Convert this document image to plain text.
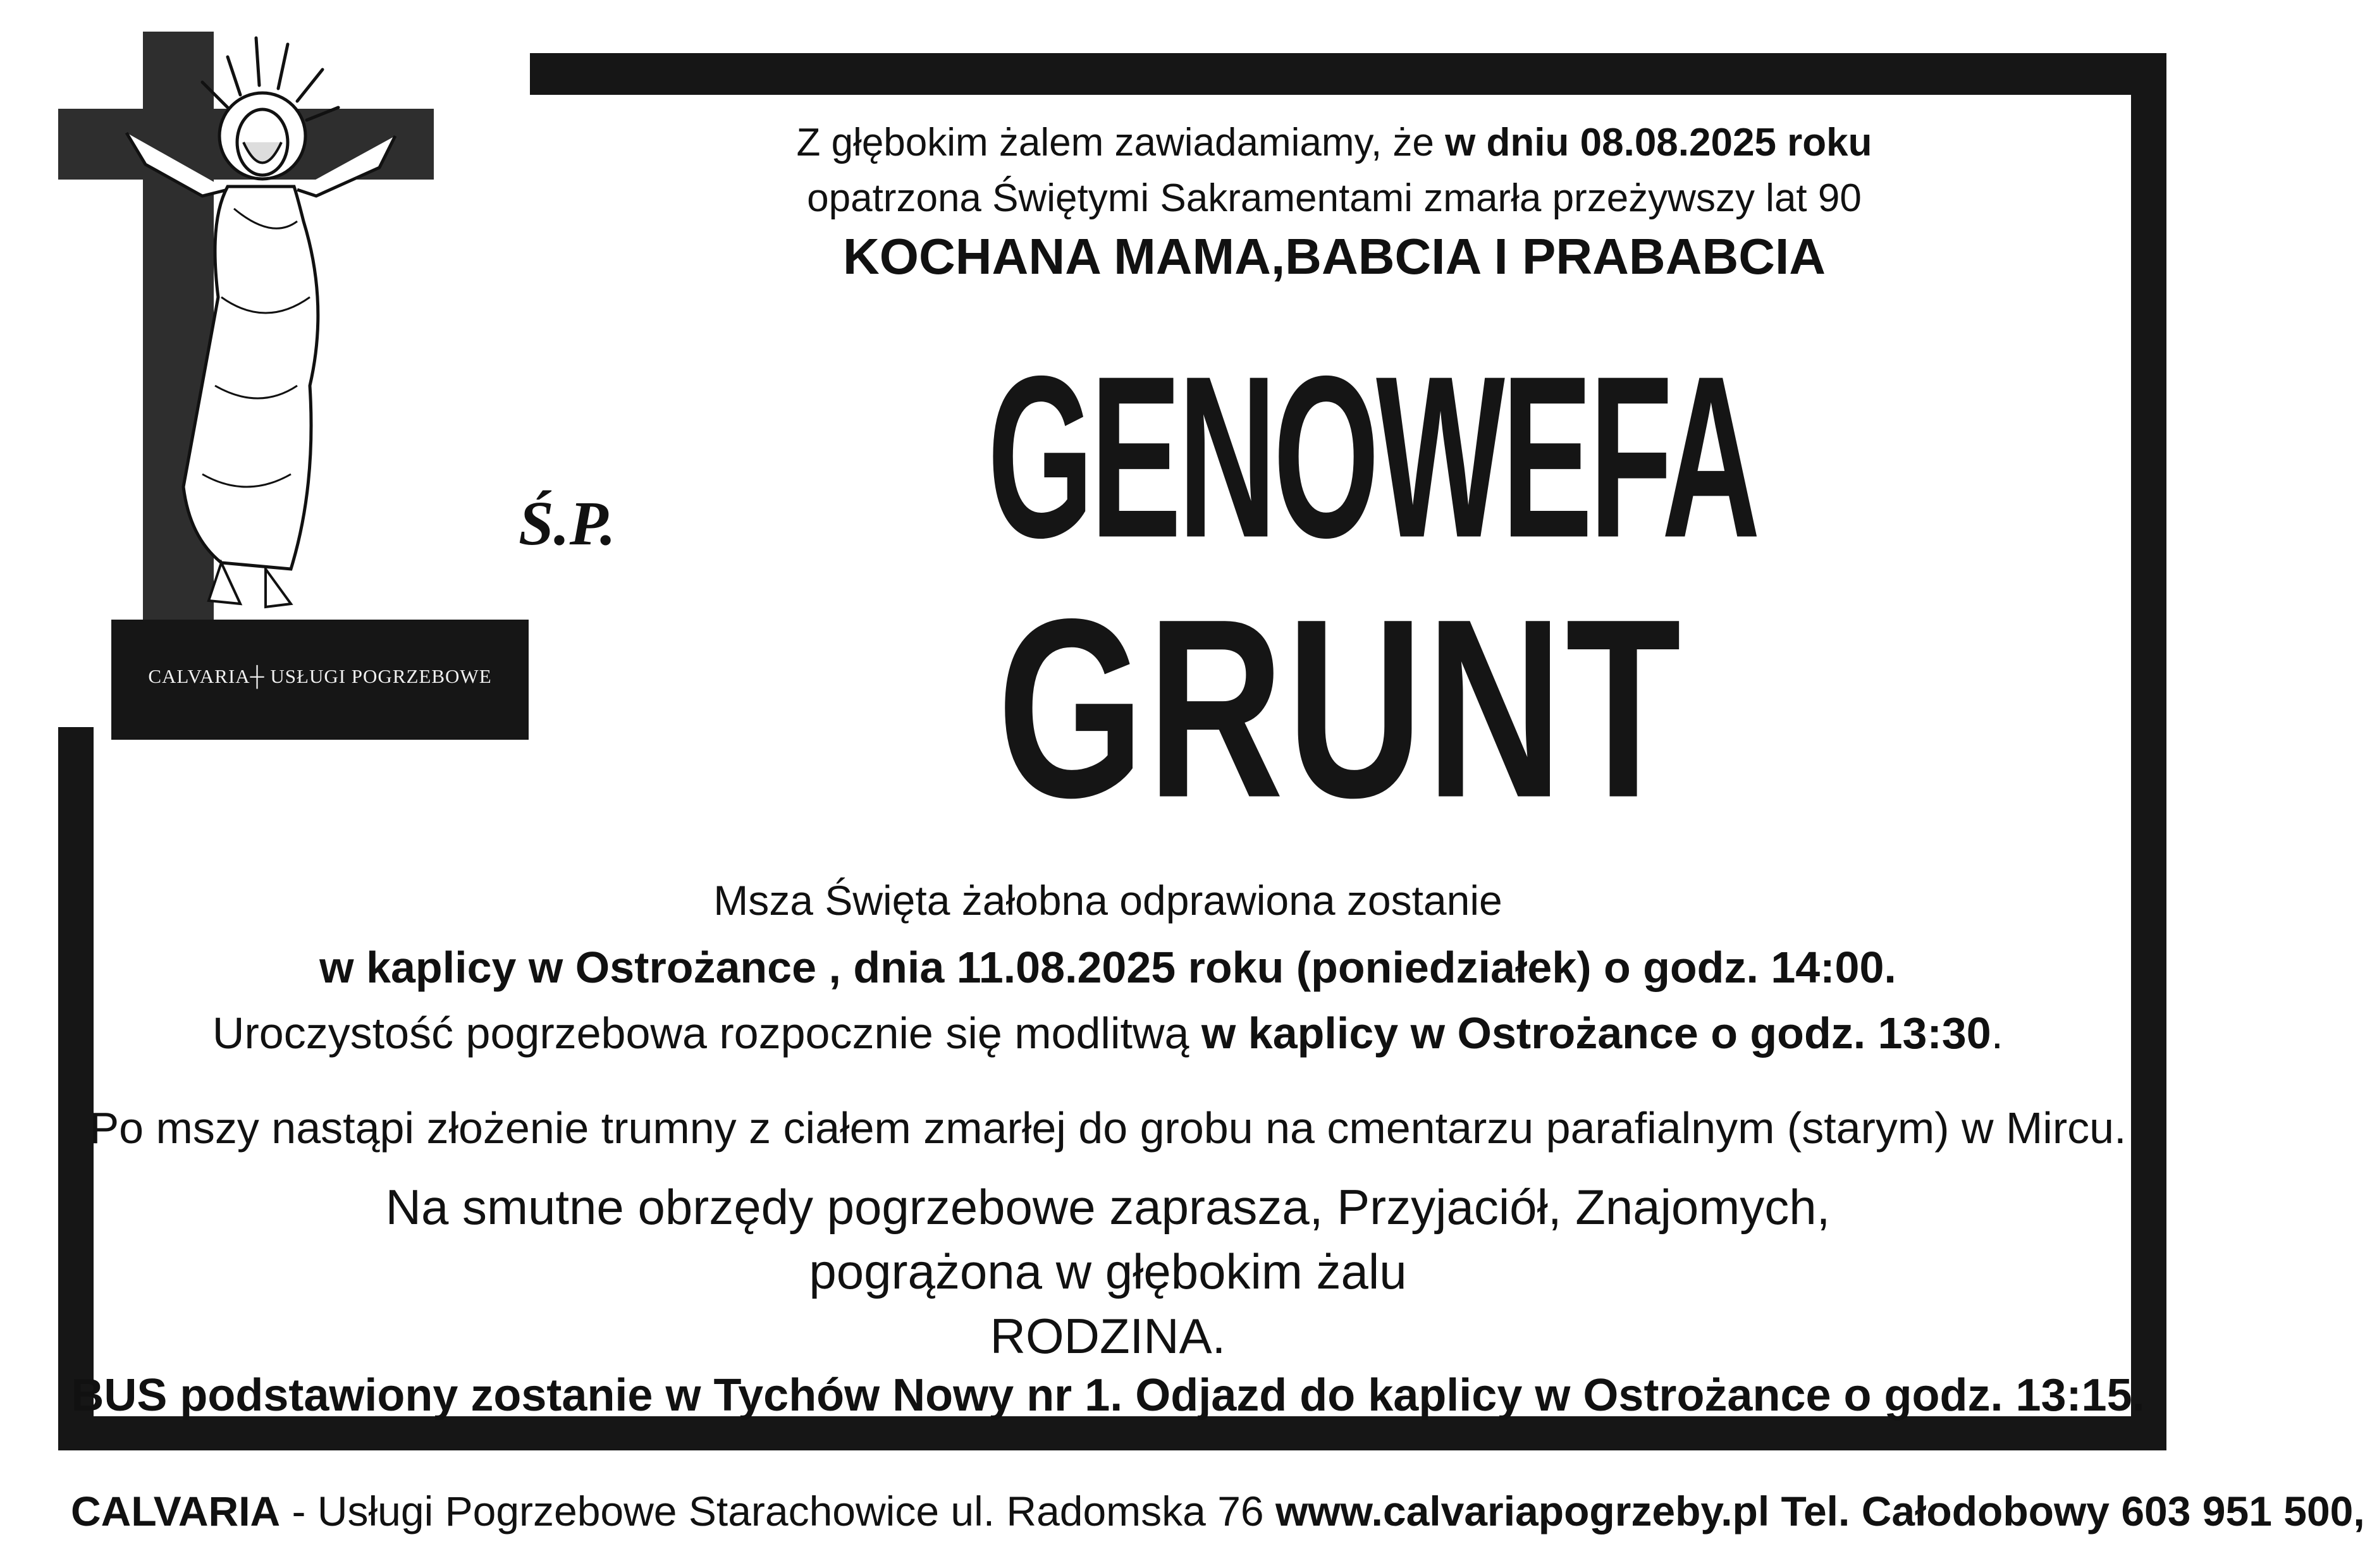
CALVARIA┼ USŁUGI POGRZEBOWE
Z głębokim żalem zawiadamiamy, że w dniu 08.08.2025 roku
opatrzona Świętymi Sakramentami zmarła przeżywszy lat 90
KOCHANA MAMA,BABCIA I PRABABCIA
Ś.P.	GENOWEFA
GRUNT
Msza Święta żałobna odprawiona zostanie
w kaplicy w Ostrożance , dnia 11.08.2025 roku (poniedziałek) o godz. 14:00.
Uroczystość pogrzebowa rozpocznie się modlitwą w kaplicy w Ostrożance o godz. 13:30.
Po mszy nastąpi złożenie trumny z ciałem zmarłej do grobu na cmentarzu parafialnym (starym) w Mircu.
Na smutne obrzędy pogrzebowe zaprasza, Przyjaciół, Znajomych,
pogrążona w głębokim żalu
RODZINA.
BUS podstawiony zostanie w Tychów Nowy nr 1. Odjazd do kaplicy w Ostrożance o godz. 13:15.
CALVARIA - Usługi Pogrzebowe Starachowice ul. Radomska 76 www.calvariapogrzeby.pl Tel. Całodobowy 603 951 500,
